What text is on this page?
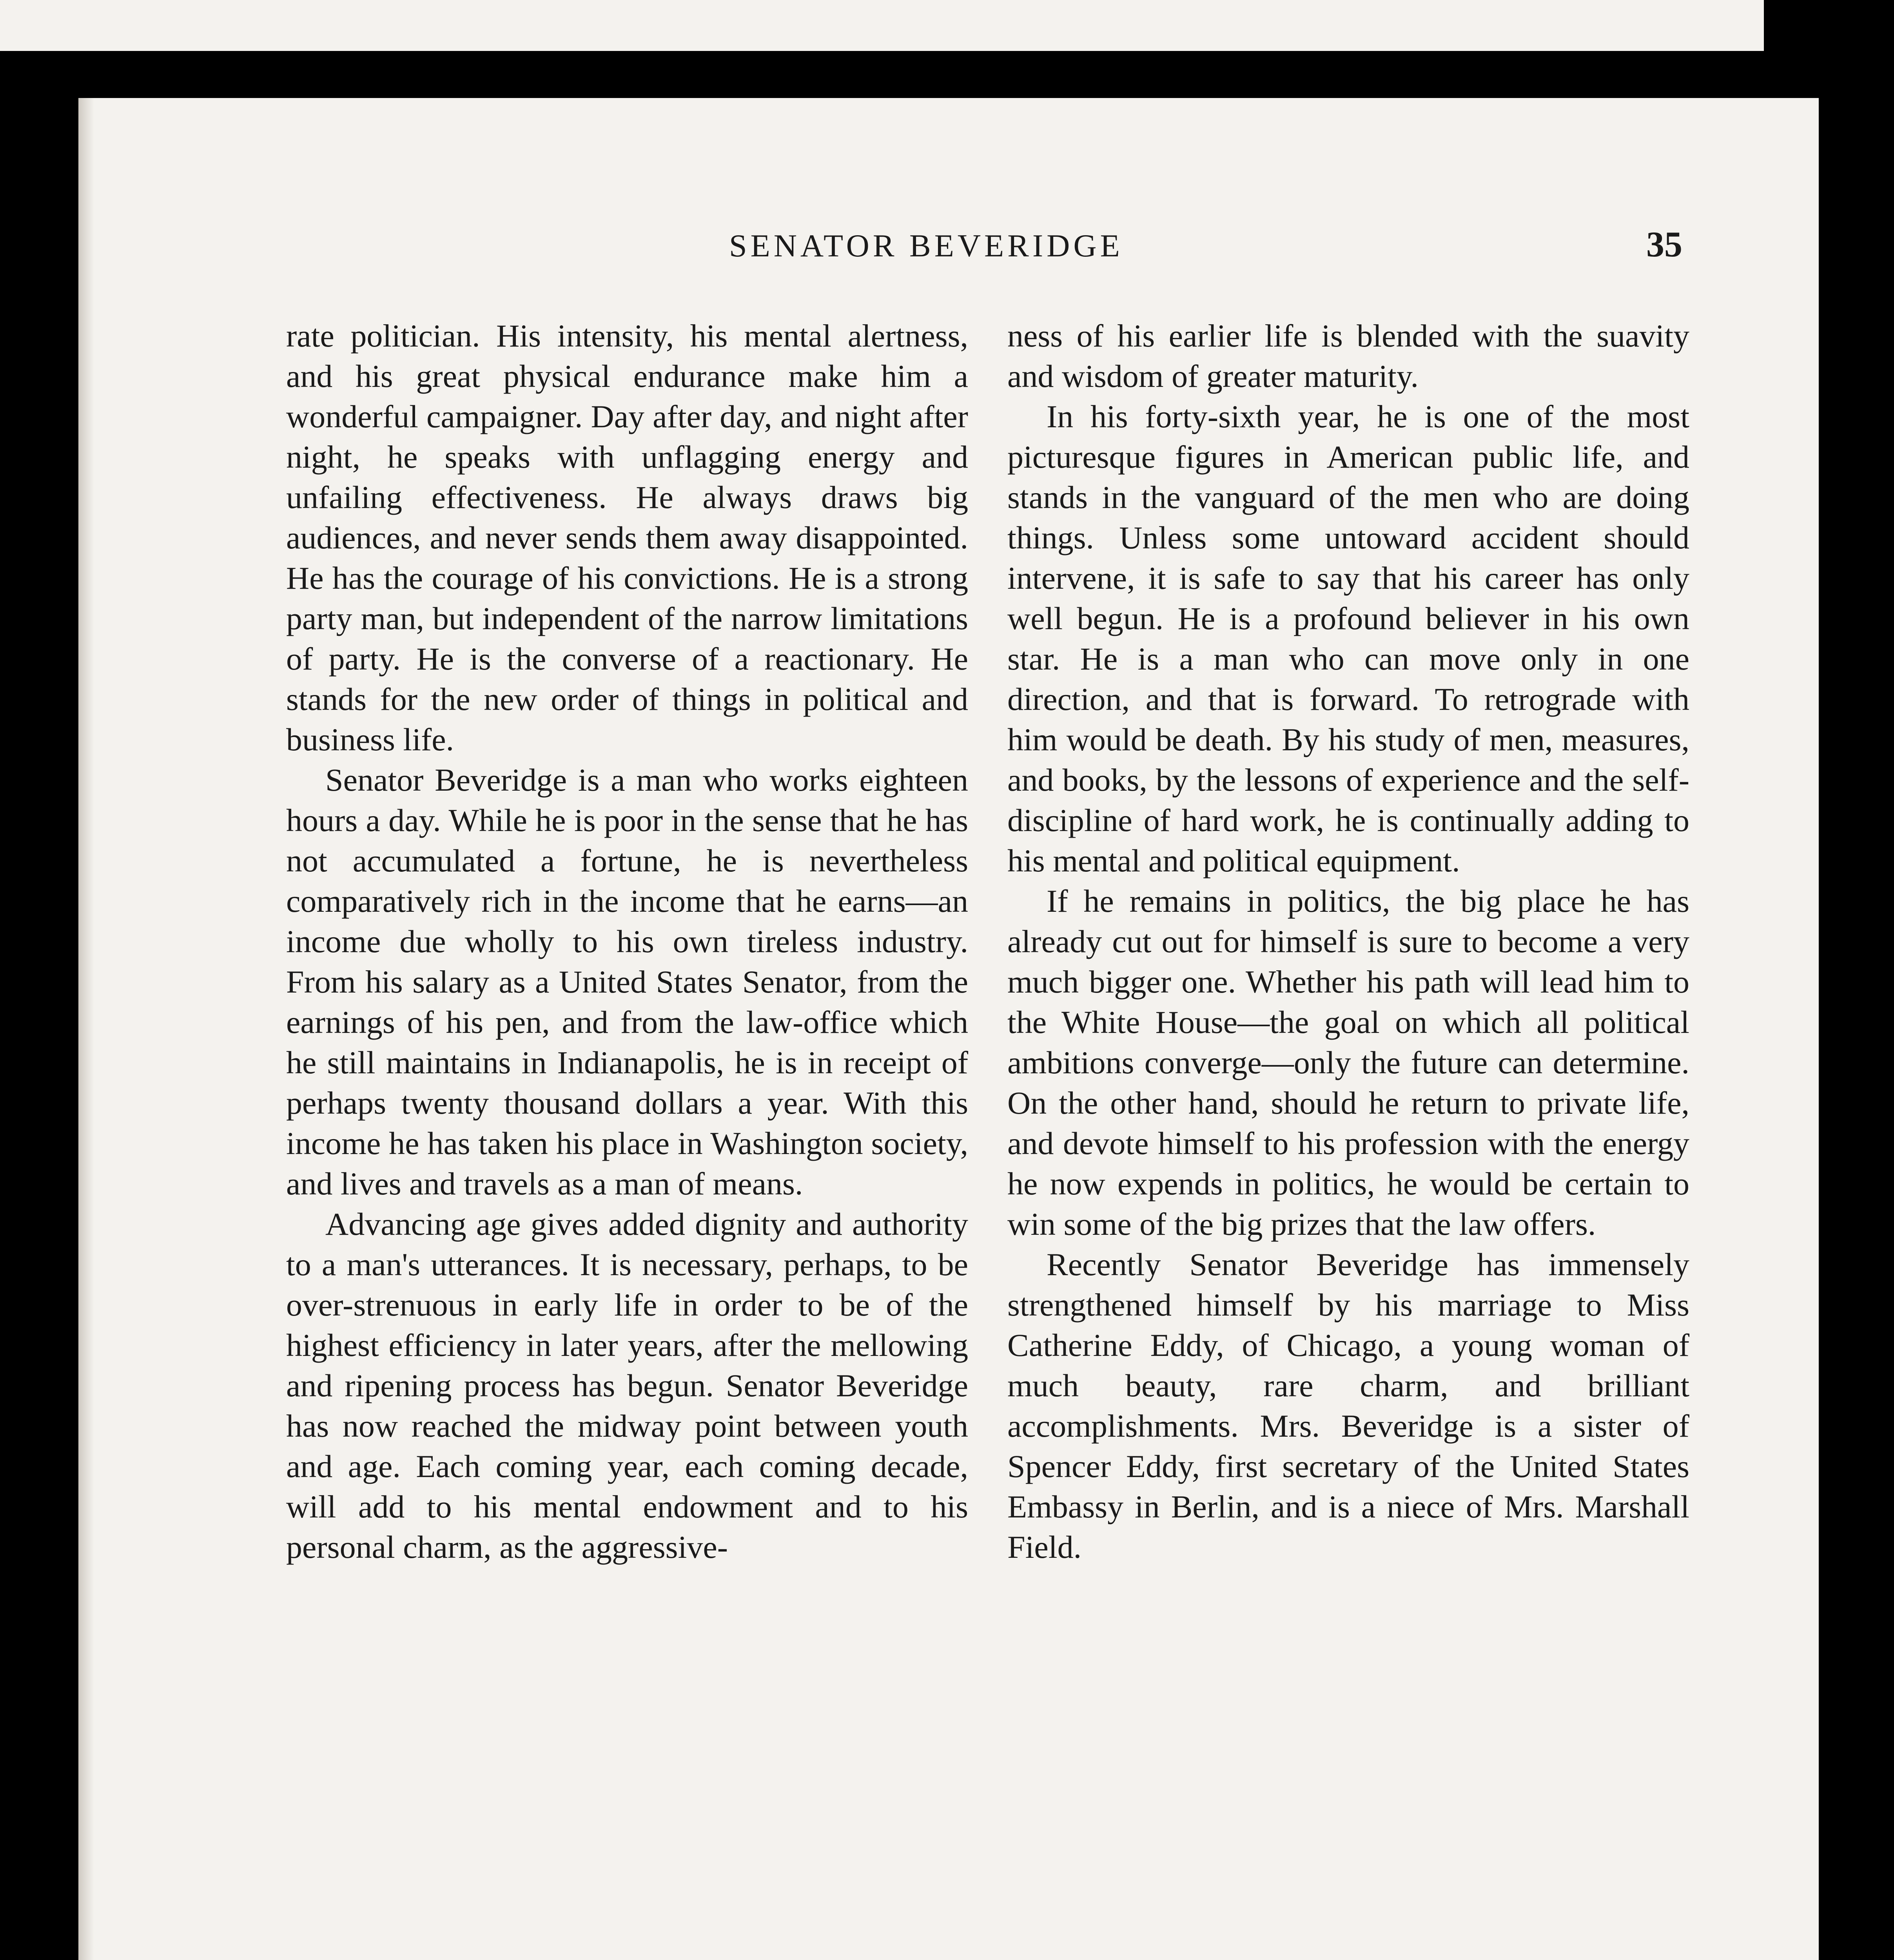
SENATOR BEVERIDGE	35

rate politician. His intensity, his mental alertness, and his great physical endurance make him a wonderful campaigner. Day after day, and night after night, he speaks with unflagging energy and unfailing effectiveness. He always draws big audiences, and never sends them away disappointed. He has the courage of his convictions. He is a strong party man, but independent of the narrow limitations of party. He is the converse of a reactionary. He stands for the new order of things in political and business life.

Senator Beveridge is a man who works eighteen hours a day. While he is poor in the sense that he has not accumulated a fortune, he is nevertheless comparatively rich in the income that he earns—an income due wholly to his own tireless industry. From his salary as a United States Senator, from the earnings of his pen, and from the law-office which he still maintains in Indianapolis, he is in receipt of perhaps twenty thousand dollars a year. With this income he has taken his place in Washington society, and lives and travels as a man of means.

Advancing age gives added dignity and authority to a man's utterances. It is necessary, perhaps, to be over-strenuous in early life in order to be of the highest efficiency in later years, after the mellowing and ripening process has begun. Senator Beveridge has now reached the midway point between youth and age. Each coming year, each coming decade, will add to his mental endowment and to his personal charm, as the aggressive-

ness of his earlier life is blended with the suavity and wisdom of greater maturity.

In his forty-sixth year, he is one of the most picturesque figures in American public life, and stands in the vanguard of the men who are doing things. Unless some untoward accident should intervene, it is safe to say that his career has only well begun. He is a profound believer in his own star. He is a man who can move only in one direction, and that is forward. To retrograde with him would be death. By his study of men, measures, and books, by the lessons of experience and the self-discipline of hard work, he is continually adding to his mental and political equipment.

If he remains in politics, the big place he has already cut out for himself is sure to become a very much bigger one. Whether his path will lead him to the White House—the goal on which all political ambitions converge—only the future can determine. On the other hand, should he return to private life, and devote himself to his profession with the energy he now expends in politics, he would be certain to win some of the big prizes that the law offers.

Recently Senator Beveridge has immensely strengthened himself by his marriage to Miss Catherine Eddy, of Chicago, a young woman of much beauty, rare charm, and brilliant accomplishments. Mrs. Beveridge is a sister of Spencer Eddy, first secretary of the United States Embassy in Berlin, and is a niece of Mrs. Marshall Field.
